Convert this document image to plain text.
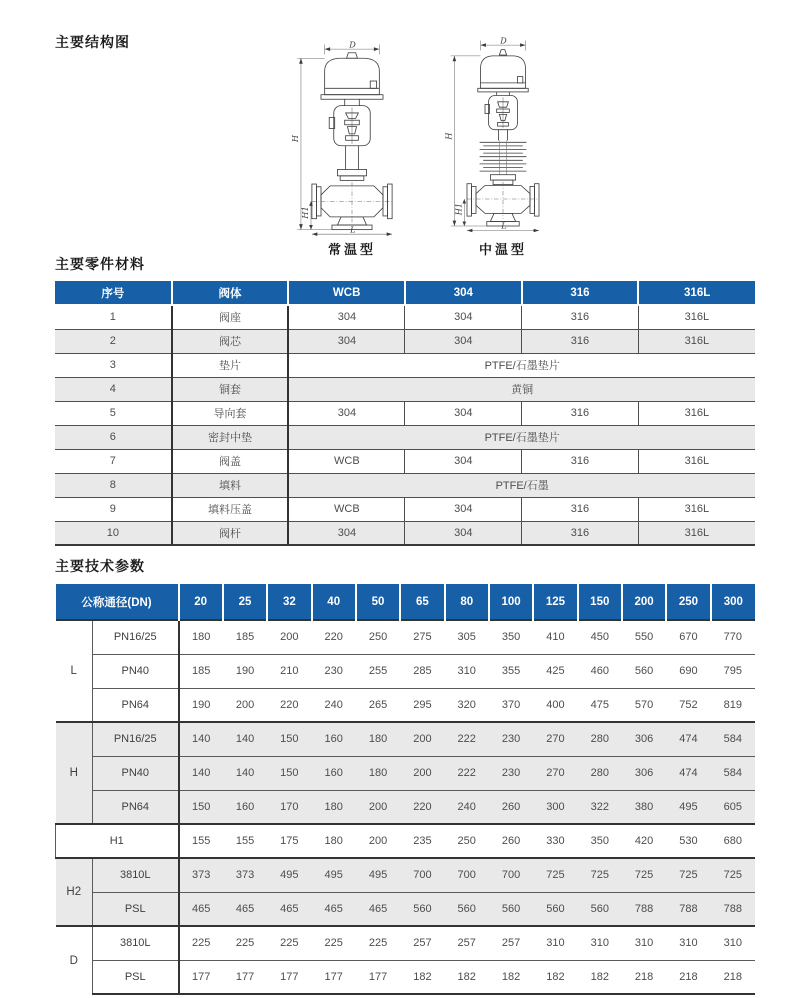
主要结构图	D
H
H1
L
常温型
D
H
H1
L
中温型
主要零件材料
序号	阀体	WCB	304	316	316L
1	阀座	304	304	316	316L
2	阀芯	304	304	316	316L
3	垫片	PTFE/石墨垫片			
4	铜套	黄铜			
5	导向套	304	304	316	316L
6	密封中垫	PTFE/石墨垫片			
7	阀盖	WCB	304	316	316L
8	填料	PTFE/石墨			
9	填料压盖	WCB	304	316	316L
10	阀杆	304	304	316	316L
主要技术参数
公称通径(DN)		20	25	32	40	50	65	80	100	125	150	200	250	300
L	PN16/25	180	185	200	220	250	275	305	350	410	450	550	670	770
	PN40	185	190	210	230	255	285	310	355	425	460	560	690	795
	PN64	190	200	220	240	265	295	320	370	400	475	570	752	819
H	PN16/25	140	140	150	160	180	200	222	230	270	280	306	474	584
	PN40	140	140	150	160	180	200	222	230	270	280	306	474	584
	PN64	150	160	170	180	200	220	240	260	300	322	380	495	605
H1		155	155	175	180	200	235	250	260	330	350	420	530	680
H2	3810L	373	373	495	495	495	700	700	700	725	725	725	725	725
	PSL	465	465	465	465	465	560	560	560	560	560	788	788	788
D	3810L	225	225	225	225	225	257	257	257	310	310	310	310	310
	PSL	177	177	177	177	177	182	182	182	182	182	218	218	218
